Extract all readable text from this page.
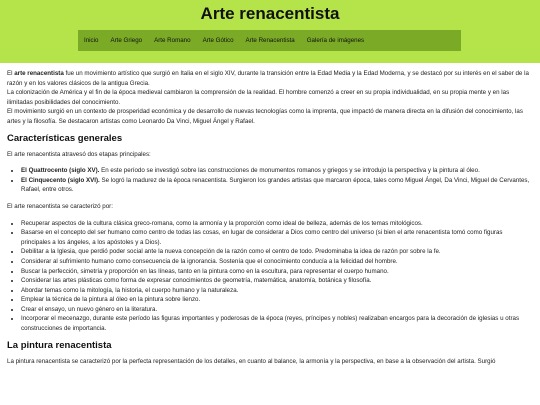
Arte renacentista
Inicio	Arte Griego	Arte Romano	Arte Gótico	Arte Renacentista	Galería de imágenes

El arte renacentista fue un movimiento artístico que surgió en Italia en el siglo XIV, durante la transición entre la Edad Media y la Edad Moderna, y se destacó por su interés en el saber de la razón y en los valores clásicos de la antigua Grecia.

La colonización de América y el fin de la época medieval cambiaron la comprensión de la realidad. El hombre comenzó a creer en su propia individualidad, en su propia mente y en las ilimitadas posibilidades del conocimiento.

El movimiento surgió en un contexto de prosperidad económica y de desarrollo de nuevas tecnologías como la imprenta, que impactó de manera directa en la difusión del conocimiento, las artes y la filosofía. Se destacaron artistas como Leonardo Da Vinci, Miguel Ángel y Rafael.

Características generales

El arte renacentista atravesó dos etapas principales:

• El Quattrocento (siglo XV). En este período se investigó sobre las construcciones de monumentos romanos y griegos y se introdujo la perspectiva y la pintura al óleo.
• El Cinquecento (siglo XVI). Se logró la madurez de la época renacentista. Surgieron los grandes artistas que marcaron época, tales como Miguel Ángel, Da Vinci, Miguel de Cervantes, Rafael, entre otros.

El arte renacentista se caracterizó por:

• Recuperar aspectos de la cultura clásica greco-romana, como la armonía y la proporción como ideal de belleza, además de los temas mitológicos.
• Basarse en el concepto del ser humano como centro de todas las cosas, en lugar de considerar a Dios como centro del universo (si bien el arte renacentista tomó como figuras principales a los ángeles, a los apóstoles y a Dios).
• Debilitar a la Iglesia, que perdió poder social ante la nueva concepción de la razón como el centro de todo. Predominaba la idea de razón por sobre la fe.
• Considerar al sufrimiento humano como consecuencia de la ignorancia. Sostenía que el conocimiento conducía a la felicidad del hombre.
• Buscar la perfección, simetría y proporción en las líneas, tanto en la pintura como en la escultura, para representar el cuerpo humano.
• Considerar las artes plásticas como forma de expresar conocimientos de geometría, matemática, anatomía, botánica y filosofía.
• Abordar temas como la mitología, la historia, el cuerpo humano y la naturaleza.
• Emplear la técnica de la pintura al óleo en la pintura sobre lienzo.
• Crear el ensayo, un nuevo género en la literatura.
• Incorporar el mecenazgo, durante este período las figuras importantes y poderosas de la época (reyes, príncipes y nobles) realizaban encargos para la decoración de iglesias u otras construcciones de importancia.
La pintura renacentista

La pintura renacentista se caracterizó por la perfecta representación de los detalles, en cuanto al balance, la armonía y la perspectiva, en base a la observación del artista. Surgió
